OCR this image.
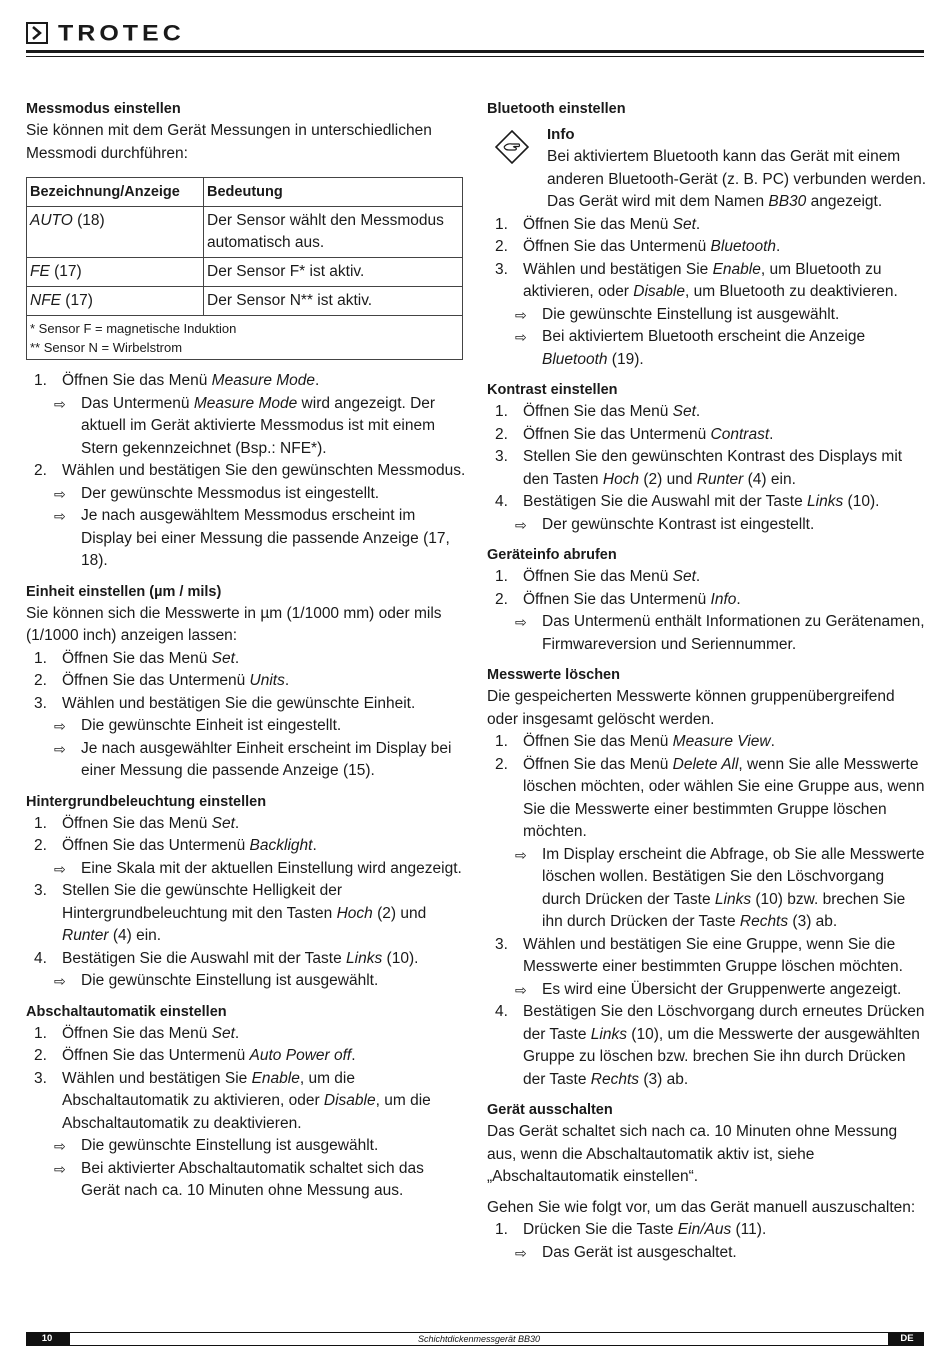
TROTEC
Messmodus einstellen

Sie können mit dem Gerät Messungen in unterschiedlichen Messmodi durchführen:

Bezeichnung/Anzeige	Bedeutung
AUTO (18)	Der Sensor wählt den Messmodus automatisch aus.
FE (17)	Der Sensor F* ist aktiv.
NFE (17)	Der Sensor N** ist aktiv.
* Sensor F = magnetische Induktion
** Sensor N = Wirbelstrom	
1. Öffnen Sie das Menü Measure Mode.
⇨ Das Untermenü Measure Mode wird angezeigt. Der aktuell im Gerät aktivierte Messmodus ist mit einem Stern gekennzeichnet (Bsp.: NFE*).
2. Wählen und bestätigen Sie den gewünschten Messmodus.
⇨ Der gewünschte Messmodus ist eingestellt.
⇨ Je nach ausgewähltem Messmodus erscheint im Display bei einer Messung die passende Anzeige (17, 18).
Einheit einstellen (µm / mils)

Sie können sich die Messwerte in µm (1/1000 mm) oder mils (1/1000 inch) anzeigen lassen:

1. Öffnen Sie das Menü Set.
2. Öffnen Sie das Untermenü Units.
3. Wählen und bestätigen Sie die gewünschte Einheit.
⇨ Die gewünschte Einheit ist eingestellt.
⇨ Je nach ausgewählter Einheit erscheint im Display bei einer Messung die passende Anzeige (15).
Hintergrundbeleuchtung einstellen
1. Öffnen Sie das Menü Set.
2. Öffnen Sie das Untermenü Backlight.
⇨ Eine Skala mit der aktuellen Einstellung wird angezeigt.
3. Stellen Sie die gewünschte Helligkeit der Hintergrundbeleuchtung mit den Tasten Hoch (2) und Runter (4) ein.
4. Bestätigen Sie die Auswahl mit der Taste Links (10).
⇨ Die gewünschte Einstellung ist ausgewählt.
Abschaltautomatik einstellen
1. Öffnen Sie das Menü Set.
2. Öffnen Sie das Untermenü Auto Power off.
3. Wählen und bestätigen Sie Enable, um die Abschaltautomatik zu aktivieren, oder Disable, um die Abschaltautomatik zu deaktivieren.
⇨ Die gewünschte Einstellung ist ausgewählt.
⇨ Bei aktivierter Abschaltautomatik schaltet sich das Gerät nach ca. 10 Minuten ohne Messung aus.
Bluetooth einstellen
Info

Bei aktiviertem Bluetooth kann das Gerät mit einem anderen Bluetooth-Gerät (z. B. PC) verbunden werden. Das Gerät wird mit dem Namen BB30 angezeigt.

1. Öffnen Sie das Menü Set.
2. Öffnen Sie das Untermenü Bluetooth.
3. Wählen und bestätigen Sie Enable, um Bluetooth zu aktivieren, oder Disable, um Bluetooth zu deaktivieren.
⇨ Die gewünschte Einstellung ist ausgewählt.
⇨ Bei aktiviertem Bluetooth erscheint die Anzeige Bluetooth (19).
Kontrast einstellen
1. Öffnen Sie das Menü Set.
2. Öffnen Sie das Untermenü Contrast.
3. Stellen Sie den gewünschten Kontrast des Displays mit den Tasten Hoch (2) und Runter (4) ein.
4. Bestätigen Sie die Auswahl mit der Taste Links (10).
⇨ Der gewünschte Kontrast ist eingestellt.
Geräteinfo abrufen
1. Öffnen Sie das Menü Set.
2. Öffnen Sie das Untermenü Info.
⇨ Das Untermenü enthält Informationen zu Gerätenamen, Firmwareversion und Seriennummer.
Messwerte löschen

Die gespeicherten Messwerte können gruppenübergreifend oder insgesamt gelöscht werden.

1. Öffnen Sie das Menü Measure View.
2. Öffnen Sie das Menü Delete All, wenn Sie alle Messwerte löschen möchten, oder wählen Sie eine Gruppe aus, wenn Sie die Messwerte einer bestimmten Gruppe löschen möchten.
⇨ Im Display erscheint die Abfrage, ob Sie alle Messwerte löschen wollen. Bestätigen Sie den Löschvorgang durch Drücken der Taste Links (10) bzw. brechen Sie ihn durch Drücken der Taste Rechts (3) ab.
3. Wählen und bestätigen Sie eine Gruppe, wenn Sie die Messwerte einer bestimmten Gruppe löschen möchten.
⇨ Es wird eine Übersicht der Gruppenwerte angezeigt.
4. Bestätigen Sie den Löschvorgang durch erneutes Drücken der Taste Links (10), um die Messwerte der ausgewählten Gruppe zu löschen bzw. brechen Sie ihn durch Drücken der Taste Rechts (3) ab.
Gerät ausschalten

Das Gerät schaltet sich nach ca. 10 Minuten ohne Messung aus, wenn die Abschaltautomatik aktiv ist, siehe „Abschaltautomatik einstellen“.

Gehen Sie wie folgt vor, um das Gerät manuell auszuschalten:

1. Drücken Sie die Taste Ein/Aus (11).
⇨ Das Gerät ist ausgeschaltet.
10	Schichtdickenmessgerät BB30	DE
